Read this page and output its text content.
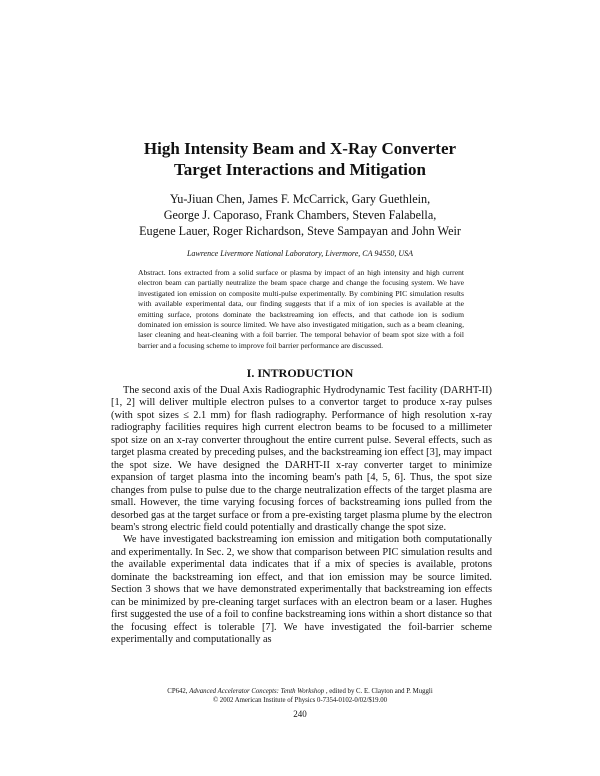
High Intensity Beam and X-Ray Converter
Target Interactions and Mitigation
Yu-Jiuan Chen, James F. McCarrick, Gary Guethlein,
George J. Caporaso, Frank Chambers, Steven Falabella,
Eugene Lauer, Roger Richardson, Steve Sampayan and John Weir
Lawrence Livermore National Laboratory, Livermore, CA 94550, USA
Abstract. Ions extracted from a solid surface or plasma by impact of an high intensity and high current electron beam can partially neutralize the beam space charge and change the focusing system. We have investigated ion emission on composite multi-pulse experimentally. By combining PIC simulation results with available experimental data, our finding suggests that if a mix of ion species is available at the emitting surface, protons dominate the backstreaming ion effects, and that cathode ion is sodium dominated ion emission is source limited. We have also investigated mitigation, such as a beam cleaning, laser cleaning and heat-cleaning with a foil barrier. The temporal behavior of beam spot size with a foil barrier and a focusing scheme to improve foil barrier performance are discussed.
I. INTRODUCTION

The second axis of the Dual Axis Radiographic Hydrodynamic Test facility (DARHT-II) [1, 2] will deliver multiple electron pulses to a convertor target to produce x-ray pulses (with spot sizes ≤ 2.1 mm) for flash radiography. Performance of high resolution x-ray radiography facilities requires high current electron beams to be focused to a millimeter spot size on an x-ray converter throughout the entire current pulse. Several effects, such as target plasma created by preceding pulses, and the backstreaming ion effect [3], may impact the spot size. We have designed the DARHT-II x-ray converter target to minimize expansion of target plasma into the incoming beam's path [4, 5, 6]. Thus, the spot size changes from pulse to pulse due to the charge neutralization effects of the target plasma are small. However, the time varying focusing forces of backstreaming ions pulled from the desorbed gas at the target surface or from a pre-existing target plasma plume by the electron beam's strong electric field could potentially and drastically change the spot size.

We have investigated backstreaming ion emission and mitigation both computationally and experimentally. In Sec. 2, we show that comparison between PIC simulation results and the available experimental data indicates that if a mix of species is available, protons dominate the backstreaming ion effect, and that ion emission may be source limited. Section 3 shows that we have demonstrated experimentally that backstreaming ion effects can be minimized by pre-cleaning target surfaces with an electron beam or a laser. Hughes first suggested the use of a foil to confine backstreaming ions within a short distance so that the focusing effect is tolerable [7]. We have investigated the foil-barrier scheme experimentally and computationally as

CP642, Advanced Accelerator Concepts: Tenth Workshop , edited by C. E. Clayton and P. Muggli
© 2002 American Institute of Physics 0-7354-0102-0/02/$19.00
240
